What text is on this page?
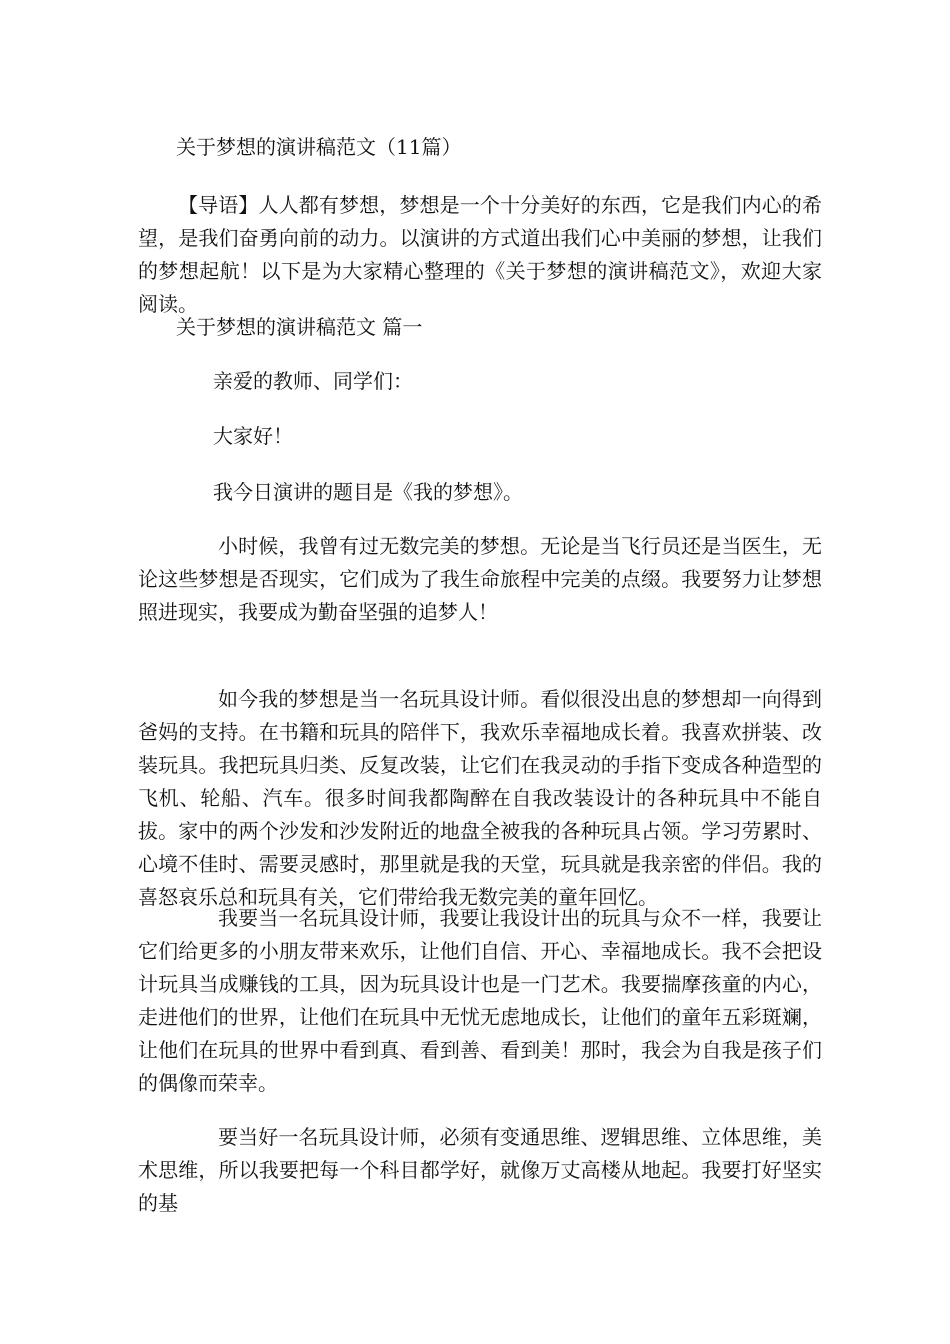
关于梦想的演讲稿范文（11篇）
【导语】人人都有梦想，梦想是一个十分美好的东西，它是我们内心的希望，是我们奋勇向前的动力。以演讲的方式道出我们心中美丽的梦想，让我们的梦想起航！以下是为大家精心整理的《关于梦想的演讲稿范文》，欢迎大家阅读。
关于梦想的演讲稿范文 篇一
亲爱的教师、同学们：
大家好！
我今日演讲的题目是《我的梦想》。
小时候，我曾有过无数完美的梦想。无论是当飞行员还是当医生，无论这些梦想是否现实，它们成为了我生命旅程中完美的点缀。我要努力让梦想照进现实，我要成为勤奋坚强的追梦人！
如今我的梦想是当一名玩具设计师。看似很没出息的梦想却一向得到爸妈的支持。在书籍和玩具的陪伴下，我欢乐幸福地成长着。我喜欢拼装、改装玩具。我把玩具归类、反复改装，让它们在我灵动的手指下变成各种造型的飞机、轮船、汽车。很多时间我都陶醉在自我改装设计的各种玩具中不能自拔。家中的两个沙发和沙发附近的地盘全被我的各种玩具占领。学习劳累时、心境不佳时、需要灵感时，那里就是我的天堂，玩具就是我亲密的伴侣。我的喜怒哀乐总和玩具有关，它们带给我无数完美的童年回忆。
我要当一名玩具设计师，我要让我设计出的玩具与众不一样，我要让它们给更多的小朋友带来欢乐，让他们自信、开心、幸福地成长。我不会把设计玩具当成赚钱的工具，因为玩具设计也是一门艺术。我要揣摩孩童的内心，走进他们的世界，让他们在玩具中无忧无虑地成长，让他们的童年五彩斑斓，让他们在玩具的世界中看到真、看到善、看到美！那时，我会为自我是孩子们的偶像而荣幸。
要当好一名玩具设计师，必须有变通思维、逻辑思维、立体思维，美术思维，所以我要把每一个科目都学好，就像万丈高楼从地起。我要打好坚实的基
